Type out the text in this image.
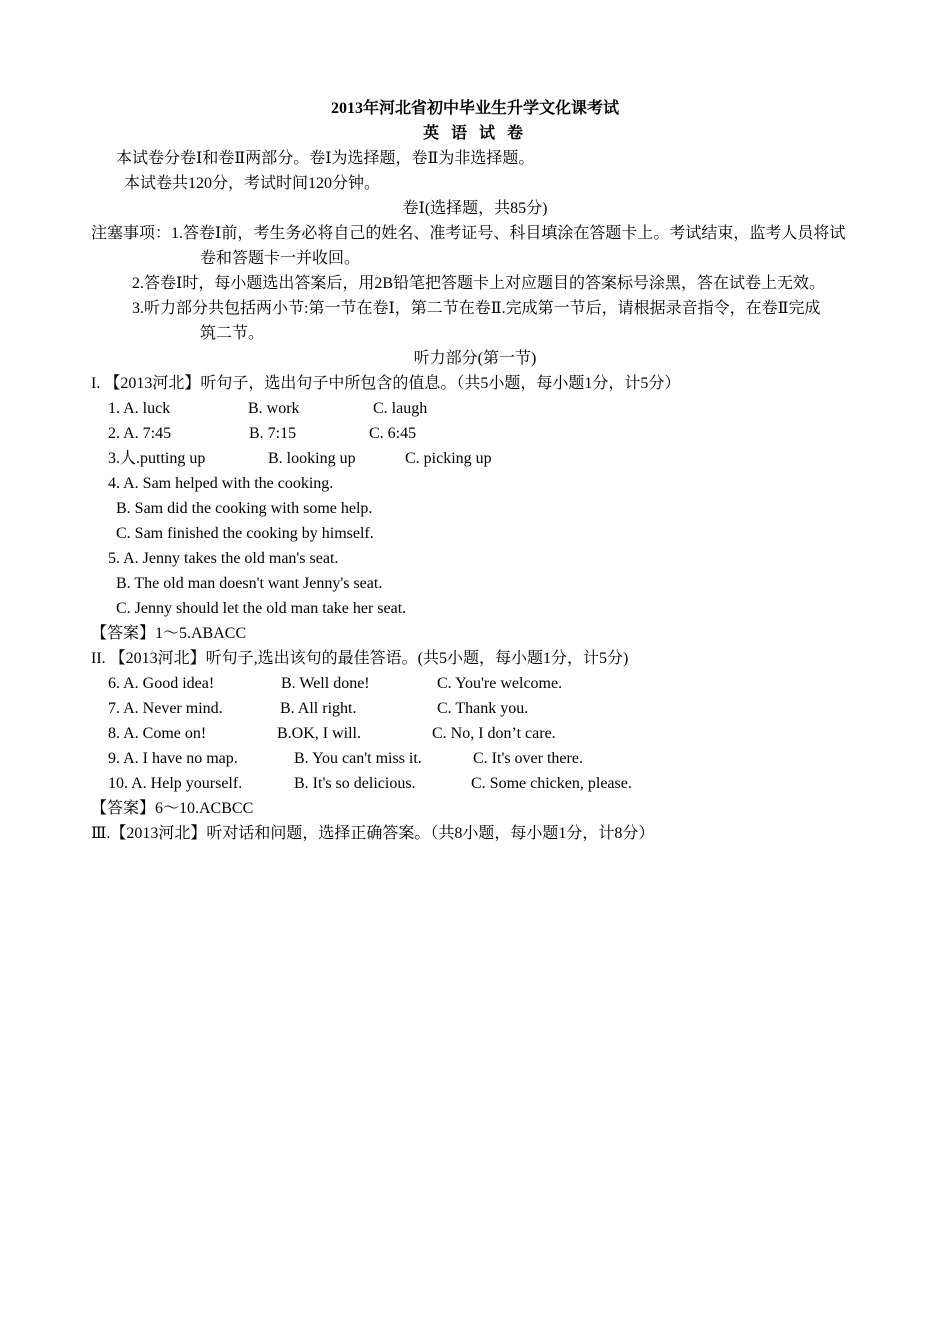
2013年河北省初中毕业生升学文化课考试
英 语 试 卷
本试卷分卷Ⅰ和卷Ⅱ两部分。卷Ⅰ为选择题，卷Ⅱ为非选择题。
本试卷共120分，考试时间120分钟。
卷Ⅰ(选择题，共85分)
注塞事项：1.答卷Ⅰ前，考生务必将自己的姓名、准考证号、科目填涂在答题卡上。考试结束，监考人员将试
卷和答题卡一并收回。
2.答卷Ⅰ时，每小题选出答案后，用2B铅笔把答题卡上对应题目的答案标号涂黑，答在试卷上无效。
3.听力部分共包括两小节:第一节在卷Ⅰ，第二节在卷Ⅱ.完成第一节后，请根据录音指令，在卷Ⅱ完成
筑二节。
听力部分(第一节)
I. 【2013河北】听句子，选出句子中所包含的值息。（共5小题，每小题1分，计5分）
1. A. luck	B. work	C. laugh
2. A. 7:45	B. 7:15	C. 6:45
3.人.putting up	B. looking up	C. picking up
4. A. Sam helped with the cooking.
B. Sam did the cooking with some help.
C. Sam finished the cooking by himself.
5. A. Jenny takes the old man's seat.
B. The old man doesn't want Jenny's seat.
C. Jenny should let the old man take her seat.
【答案】1～5.ABACC
II. 【2013河北】听句子,选出该句的最佳答语。(共5小题，每小题1分，计5分)
6. A. Good idea!	B. Well done!	C. You're welcome.
7. A. Never mind.	B. All right.	C. Thank you.
8. A. Come on!	B.OK, I will.	C. No, I don’t care.
9. A. I have no map.	B. You can't miss it.	C. It's over there.
10. A. Help yourself.	B. It's so delicious.	C. Some chicken, please.
【答案】6～10.ACBCC
Ⅲ.【2013河北】听对话和问题，选择正确答案。（共8小题，每小题1分，计8分）
